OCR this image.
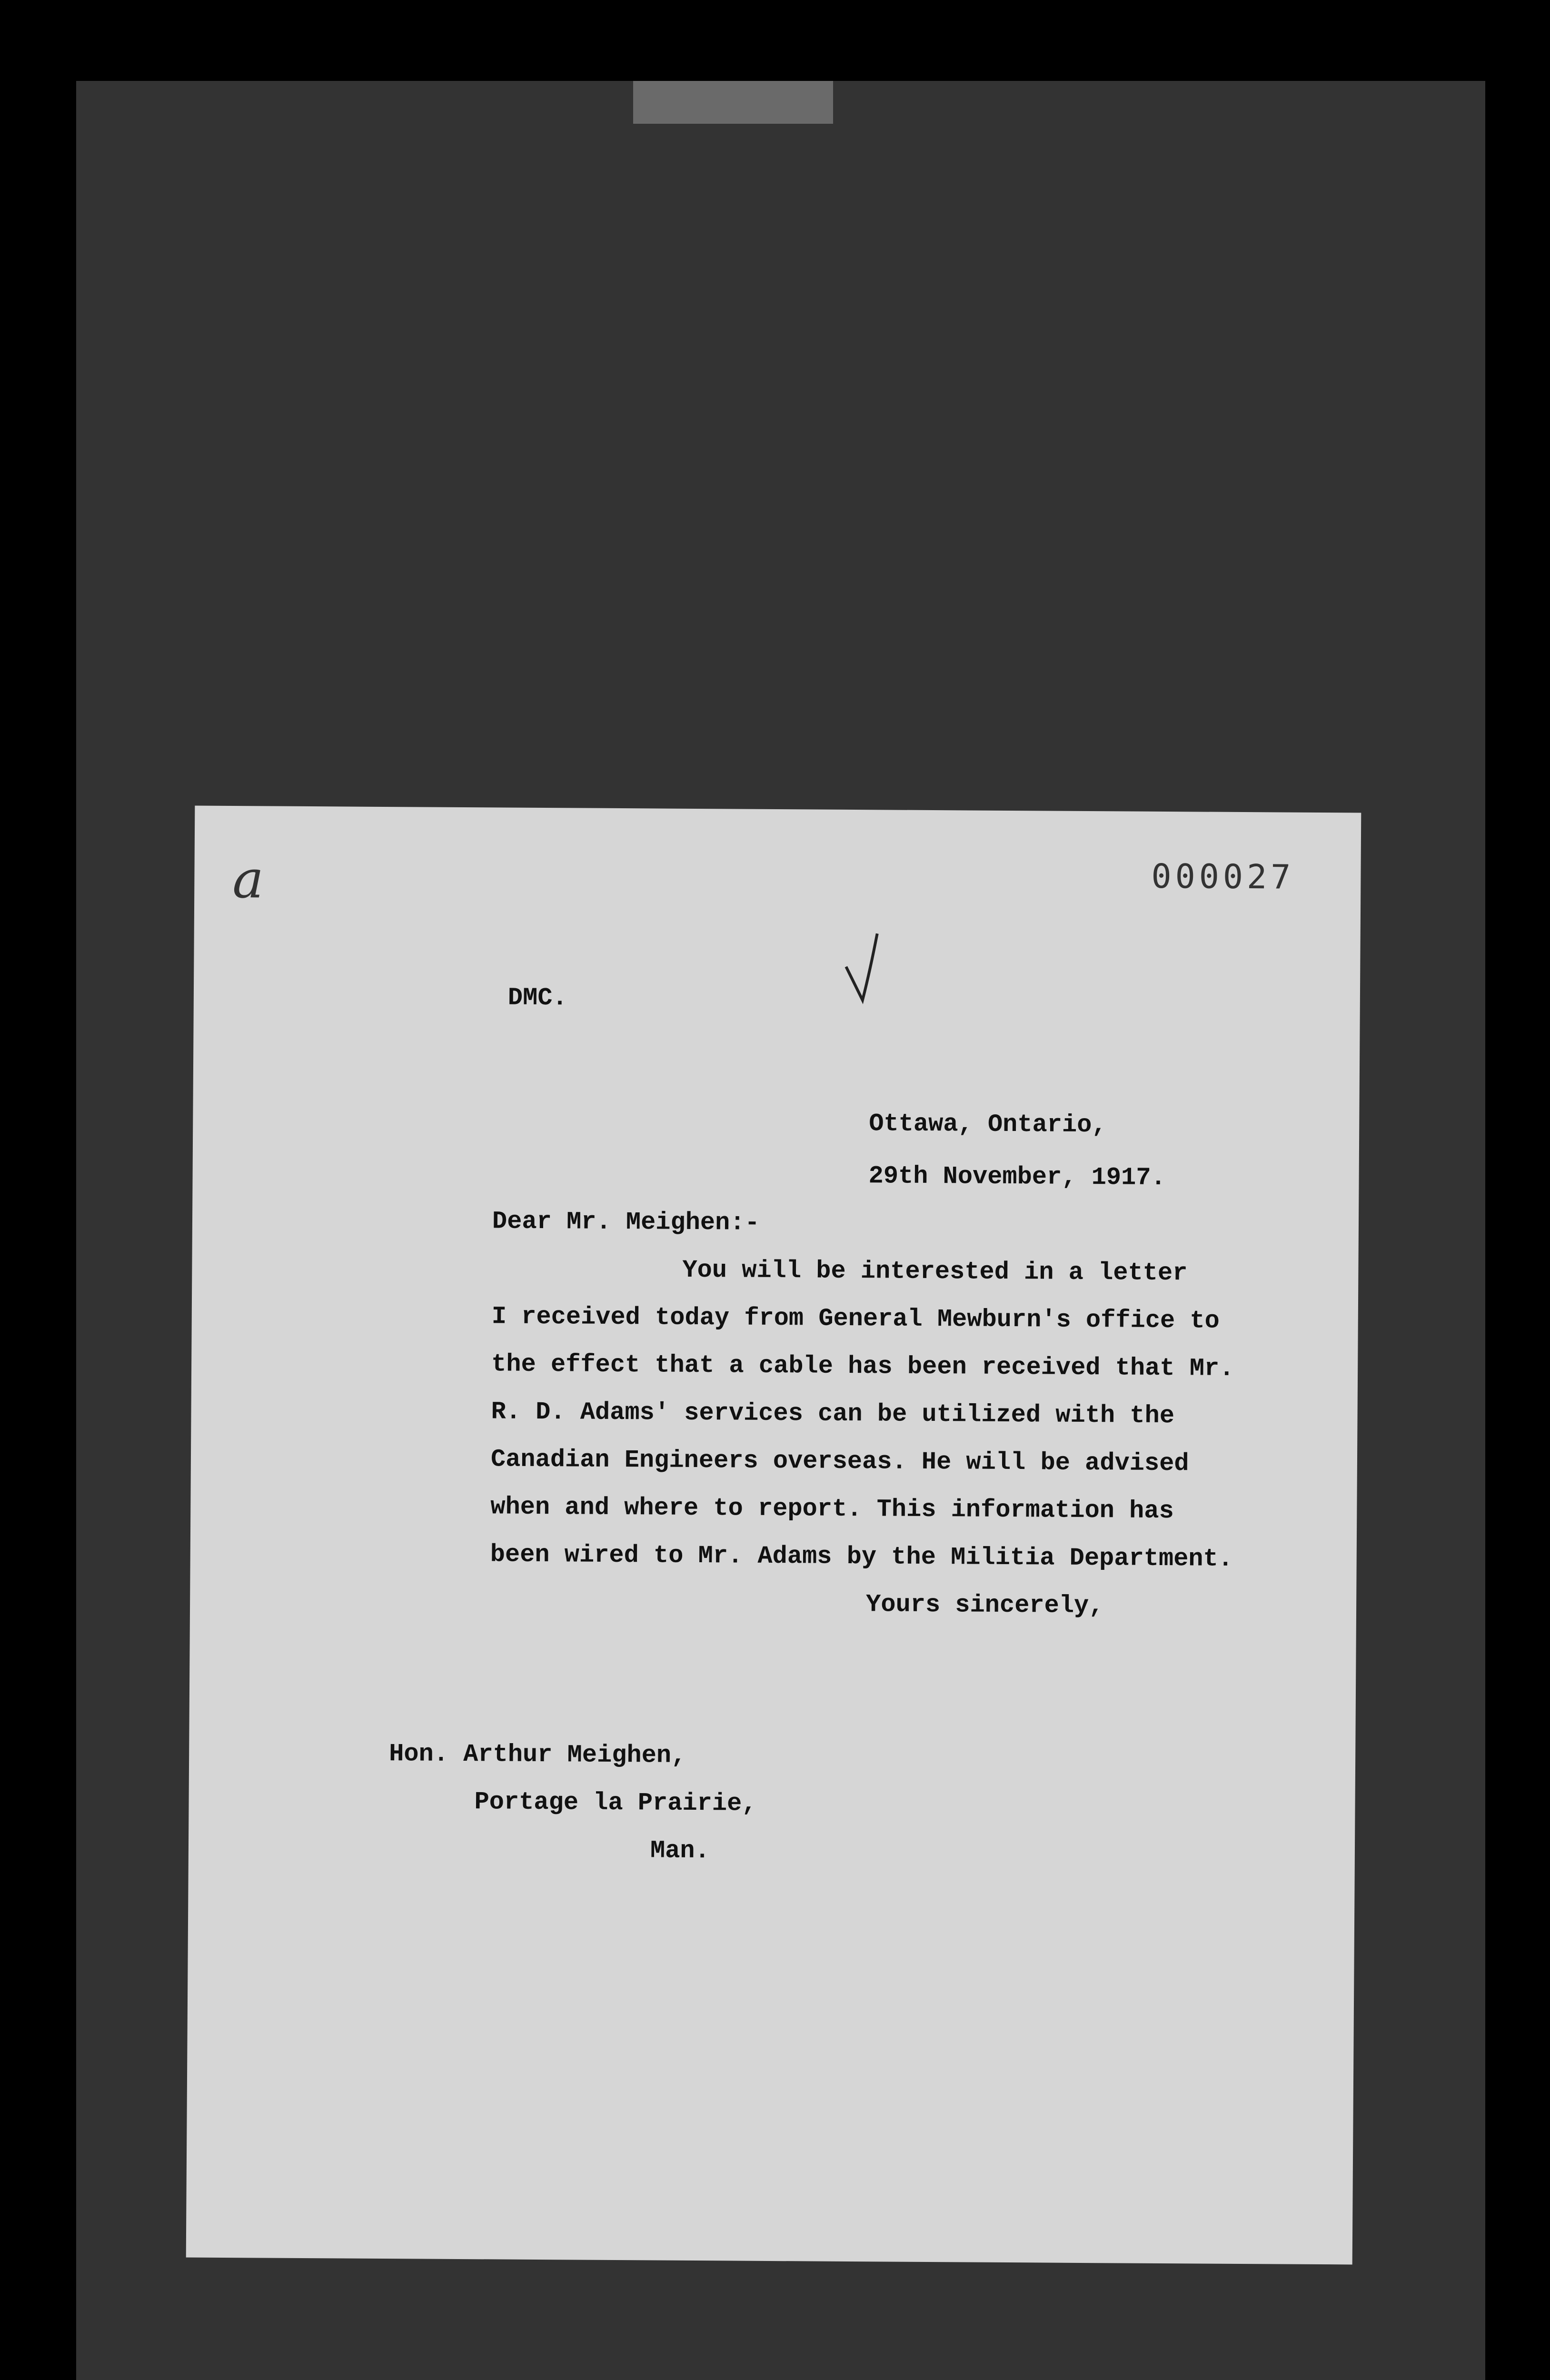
a	000027
DMC.
Ottawa, Ontario,
29th November, 1917.
Dear Mr. Meighen:-
You will be interested in a letter
I received today from General Mewburn's office to
the effect that a cable has been received that Mr.
R. D. Adams' services can be utilized with the
Canadian Engineers overseas. He will be advised
when and where to report. This information has
been wired to Mr. Adams by the Militia Department.
Yours sincerely,
Hon. Arthur Meighen,
Portage la Prairie,
Man.
